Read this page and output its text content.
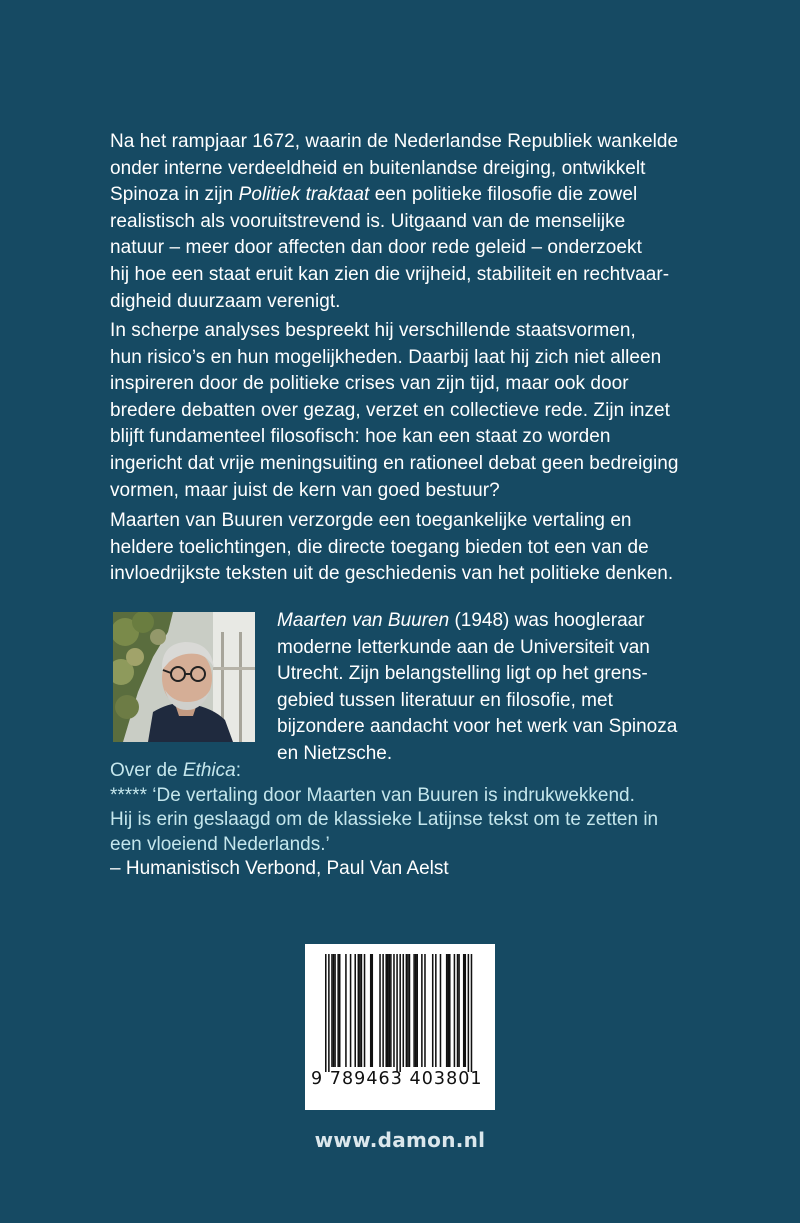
Na het rampjaar 1672, waarin de Nederlandse Republiek wankelde
onder interne verdeeldheid en buitenlandse dreiging, ontwikkelt
Spinoza in zijn Politiek traktaat een politieke filosofie die zowel
realistisch als vooruitstrevend is. Uitgaand van de menselijke
natuur – meer door affecten dan door rede geleid – onderzoekt
hij hoe een staat eruit kan zien die vrijheid, stabiliteit en rechtvaar-
digheid duurzaam verenigt.
In scherpe analyses bespreekt hij verschillende staatsvormen,
hun risico’s en hun mogelijkheden. Daarbij laat hij zich niet alleen
inspireren door de politieke crises van zijn tijd, maar ook door
bredere debatten over gezag, verzet en collectieve rede. Zijn inzet
blijft fundamenteel filosofisch: hoe kan een staat zo worden
ingericht dat vrije meningsuiting en rationeel debat geen bedreiging
vormen, maar juist de kern van goed bestuur?
Maarten van Buuren verzorgde een toegankelijke vertaling en
heldere toelichtingen, die directe toegang bieden tot een van de
invloedrijkste teksten uit de geschiedenis van het politieke denken.
Maarten van Buuren (1948) was hoogleraar
moderne letterkunde aan de Universiteit van
Utrecht. Zijn belangstelling ligt op het grens-
gebied tussen literatuur en filosofie, met
bijzondere aandacht voor het werk van Spinoza
en Nietzsche.
Over de Ethica:
***** ‘De vertaling door Maarten van Buuren is indrukwekkend.
Hij is erin geslaagd om de klassieke Latijnse tekst om te zetten in
een vloeiend Nederlands.’
– Humanistisch Verbond, Paul Van Aelst
9 789463 403801
www.damon.nl
